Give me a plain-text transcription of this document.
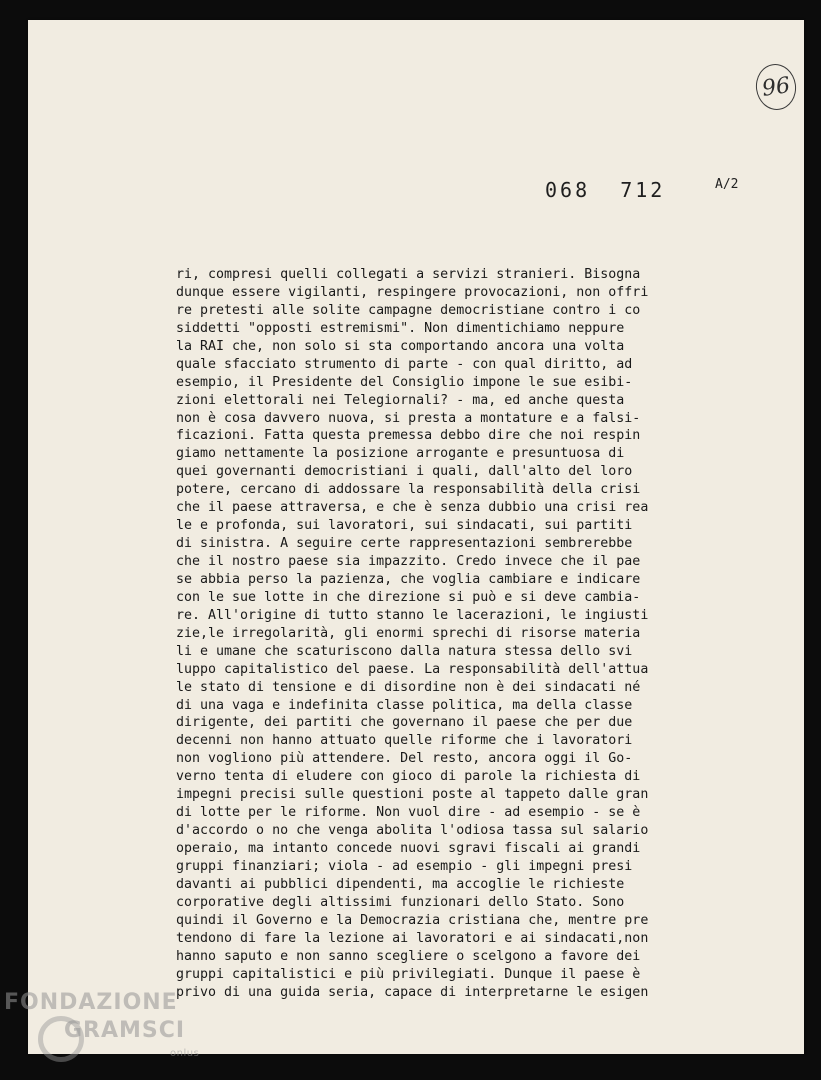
96
068  712	A/2
ri, compresi quelli collegati a servizi stranieri. Bisogna
dunque essere vigilanti, respingere provocazioni, non offri
re pretesti alle solite campagne democristiane contro i co
siddetti "opposti estremismi". Non dimentichiamo neppure
la RAI che, non solo si sta comportando ancora una volta
quale sfacciato strumento di parte - con qual diritto, ad
esempio, il Presidente del Consiglio impone le sue esibi-
zioni elettorali nei Telegiornali? - ma, ed anche questa
non è cosa davvero nuova, si presta a montature e a falsi-
ficazioni. Fatta questa premessa debbo dire che noi respin
giamo nettamente la posizione arrogante e presuntuosa di
quei governanti democristiani i quali, dall'alto del loro
potere, cercano di addossare la responsabilità della crisi
che il paese attraversa, e che è senza dubbio una crisi rea
le e profonda, sui lavoratori, sui sindacati, sui partiti
di sinistra. A seguire certe rappresentazioni sembrerebbe
che il nostro paese sia impazzito. Credo invece che il pae
se abbia perso la pazienza, che voglia cambiare e indicare
con le sue lotte in che direzione si può e si deve cambia-
re. All'origine di tutto stanno le lacerazioni, le ingiusti
zie,le irregolarità, gli enormi sprechi di risorse materia
li e umane che scaturiscono dalla natura stessa dello svi
luppo capitalistico del paese. La responsabilità dell'attua
le stato di tensione e di disordine non è dei sindacati né
di una vaga e indefinita classe politica, ma della classe
dirigente, dei partiti che governano il paese che per due
decenni non hanno attuato quelle riforme che i lavoratori
non vogliono più attendere. Del resto, ancora oggi il Go-
verno tenta di eludere con gioco di parole la richiesta di
impegni precisi sulle questioni poste al tappeto dalle gran
di lotte per le riforme. Non vuol dire - ad esempio - se è
d'accordo o no che venga abolita l'odiosa tassa sul salario
operaio, ma intanto concede nuovi sgravi fiscali ai grandi
gruppi finanziari; viola - ad esempio - gli impegni presi
davanti ai pubblici dipendenti, ma accoglie le richieste
corporative degli altissimi funzionari dello Stato. Sono
quindi il Governo e la Democrazia cristiana che, mentre pre
tendono di fare la lezione ai lavoratori e ai sindacati,non
hanno saputo e non sanno scegliere o scelgono a favore dei
gruppi capitalistici e più privilegiati. Dunque il paese è
privo di una guida seria, capace di interpretarne le esigen
FONDAZIONE
GRAMSCI
onlus
